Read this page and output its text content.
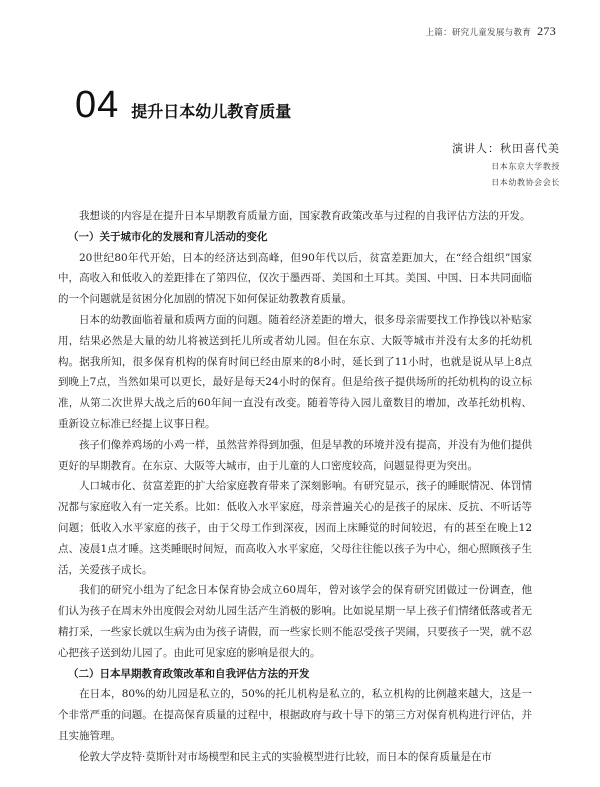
上篇：研究儿童发展与教育 273
04 提升日本幼儿教育质量
演讲人：秋田喜代美
日本东京大学教授
日本幼教协会会长

我想谈的内容是在提升日本早期教育质量方面，国家教育政策改革与过程的自我评估方法的开发。

（一）关于城市化的发展和育儿活动的变化

20世纪80年代开始，日本的经济达到高峰，但90年代以后，贫富差距加大，在“经合组织”国家中，高收入和低收入的差距排在了第四位，仅次于墨西哥、美国和土耳其。美国、中国、日本共同面临的一个问题就是贫困分化加剧的情况下如何保证幼教教育质量。

日本的幼教面临着量和质两方面的问题。随着经济差距的增大，很多母亲需要找工作挣钱以补贴家用，结果必然是大量的幼儿将被送到托儿所或者幼儿园。但在东京、大阪等城市并没有太多的托幼机构。据我所知，很多保育机构的保育时间已经由原来的8小时，延长到了11小时，也就是说从早上8点到晚上7点，当然如果可以更长，最好是每天24小时的保育。但是给孩子提供场所的托幼机构的设立标准，从第二次世界大战之后的60年间一直没有改变。随着等待入园儿童数目的增加，改革托幼机构、重新设立标准已经提上议事日程。

孩子们像养鸡场的小鸡一样，虽然营养得到加强，但是早教的环境并没有提高，并没有为他们提供更好的早期教育。在东京、大阪等大城市，由于儿童的人口密度较高，问题显得更为突出。

人口城市化、贫富差距的扩大给家庭教育带来了深刻影响。有研究显示，孩子的睡眠情况、体罚情况都与家庭收入有一定关系。比如：低收入水平家庭，母亲普遍关心的是孩子的尿床、反抗、不听话等问题；低收入水平家庭的孩子，由于父母工作到深夜，因而上床睡觉的时间较迟，有的甚至在晚上12点、凌晨1点才睡。这类睡眠时间短，而高收入水平家庭，父母往往能以孩子为中心，细心照顾孩子生活，关爱孩子成长。

我们的研究小组为了纪念日本保育协会成立60周年，曾对该学会的保育研究团做过一份调查，他们认为孩子在周末外出度假会对幼儿园生活产生消极的影响。比如说星期一早上孩子们情绪低落或者无精打采，一些家长就以生病为由为孩子请假，而一些家长则不能忍受孩子哭闹，只要孩子一哭，就不忍心把孩子送到幼儿园了。由此可见家庭的影响是很大的。

（二）日本早期教育政策改革和自我评估方法的开发

在日本，80%的幼儿园是私立的，50%的托儿机构是私立的，私立机构的比例越来越大，这是一个非常严重的问题。在提高保育质量的过程中，根据政府与政十导下的第三方对保育机构进行评估，并且实施管理。

伦敦大学皮特·莫斯针对市场模型和民主式的实验模型进行比较，而日本的保育质量是在市
